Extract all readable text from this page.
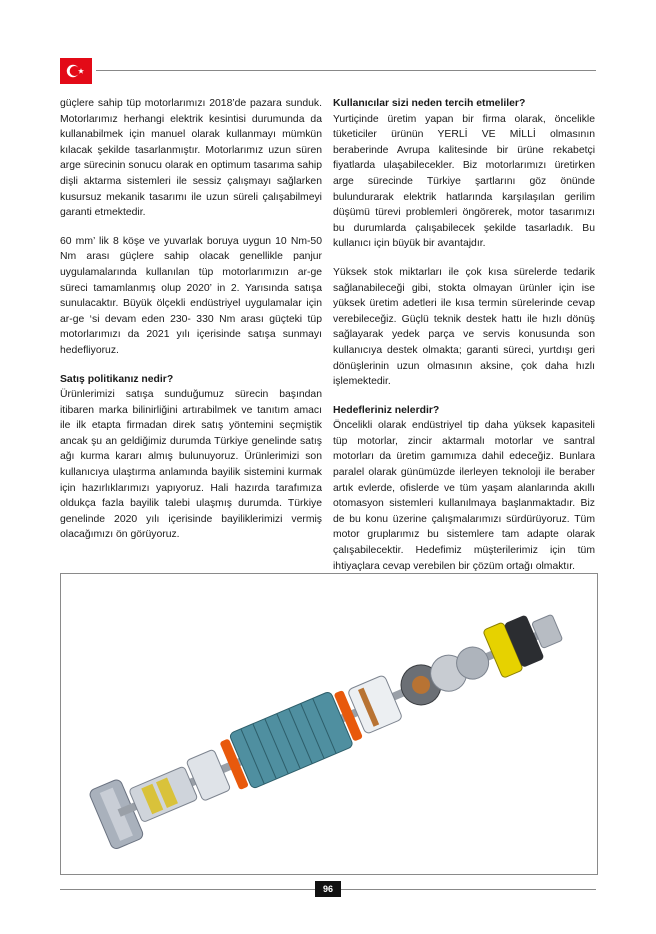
güçlere sahip tüp motorlarımızı 2018’de pazara sunduk. Motorlarımız herhangi elektrik kesintisi durumunda da kullanabilmek için manuel olarak kullanmayı mümkün kılacak şekilde tasarlanmıştır. Motorlarımız uzun süren arge sürecinin sonucu olarak en optimum tasarıma sahip dişli aktarma sistemleri ile sessiz çalışmayı sağlarken kusursuz mekanik tasarımı ile uzun süreli çalışabilmeyi garanti etmektedir.

60 mm’ lik 8 köşe ve yuvarlak boruya uygun 10 Nm-50 Nm arası güçlere sahip olacak genellikle panjur uygulamalarında kullanılan tüp motorlarımızın ar-ge süreci tamamlanmış olup 2020’ in 2. Yarısında satışa sunulacaktır. Büyük ölçekli endüstriyel uygulamalar için ar-ge ‘si devam eden 230- 330 Nm arası güçteki tüp motorlarımızı da 2021 yılı içerisinde satışa sunmayı hedefliyoruz.

Satış politikanız nedir?

Ürünlerimizi satışa sunduğumuz sürecin başından itibaren marka bilinirliğini artırabilmek ve tanıtım amacı ile ilk etapta firmadan direk satış yöntemini seçmiştik ancak şu an geldiğimiz durumda Türkiye genelinde satış ağı kurma kararı almış bulunuyoruz. Ürünlerimizi son kullanıcıya ulaştırma anlamında bayilik sistemini kurmak için hazırlıklarımızı yapıyoruz. Hali hazırda tarafımıza oldukça fazla bayilik talebi ulaşmış durumda. Türkiye genelinde 2020 yılı içerisinde bayiliklerimizi vermiş olacağımızı ön görüyoruz.

Kullanıcılar sizi neden tercih etmeliler?

Yurtiçinde üretim yapan bir firma olarak, öncelikle tüketiciler ürünün YERLİ VE MİLLİ olmasının beraberinde Avrupa kalitesinde bir ürüne rekabetçi fiyatlarda ulaşabilecekler. Biz motorlarımızı üretirken arge sürecinde Türkiye şartlarını göz önünde bulundurarak elektrik hatlarında karşılaşılan gerilim düşümü türevi problemleri öngörerek, motor tasarımızı bu durumlarda çalışabilecek şekilde tasarladık. Bu kullanıcı için büyük bir avantajdır.

Yüksek stok miktarları ile çok kısa sürelerde tedarik sağlanabileceği gibi, stokta olmayan ürünler için ise yüksek üretim adetleri ile kısa termin sürelerinde cevap verebileceğiz. Güçlü teknik destek hattı ile hızlı dönüş sağlayarak yedek parça ve servis konusunda son kullanıcıya destek olmakta; garanti süreci, yurtdışı geri dönüşlerinin uzun olmasının aksine, çok daha hızlı işlemektedir.

Hedefleriniz nelerdir?

Öncelikli olarak endüstriyel tip daha yüksek kapasiteli tüp motorlar, zincir aktarmalı motorlar ve santral motorları da üretim gamımıza dahil edeceğiz. Bunlara paralel olarak günümüzde ilerleyen teknoloji ile beraber artık evlerde, ofislerde ve tüm yaşam alanlarında akıllı otomasyon sistemleri kullanılmaya başlanmaktadır. Biz de bu konu üzerine çalışmalarımızı sürdürüyoruz. Tüm motor gruplarımız bu sistemlere tam adapte olarak çalışabilecektir. Hedefimiz müşterilerimiz için tüm ihtiyaçlara cevap verebilen bir çözüm ortağı olmaktır.

96
